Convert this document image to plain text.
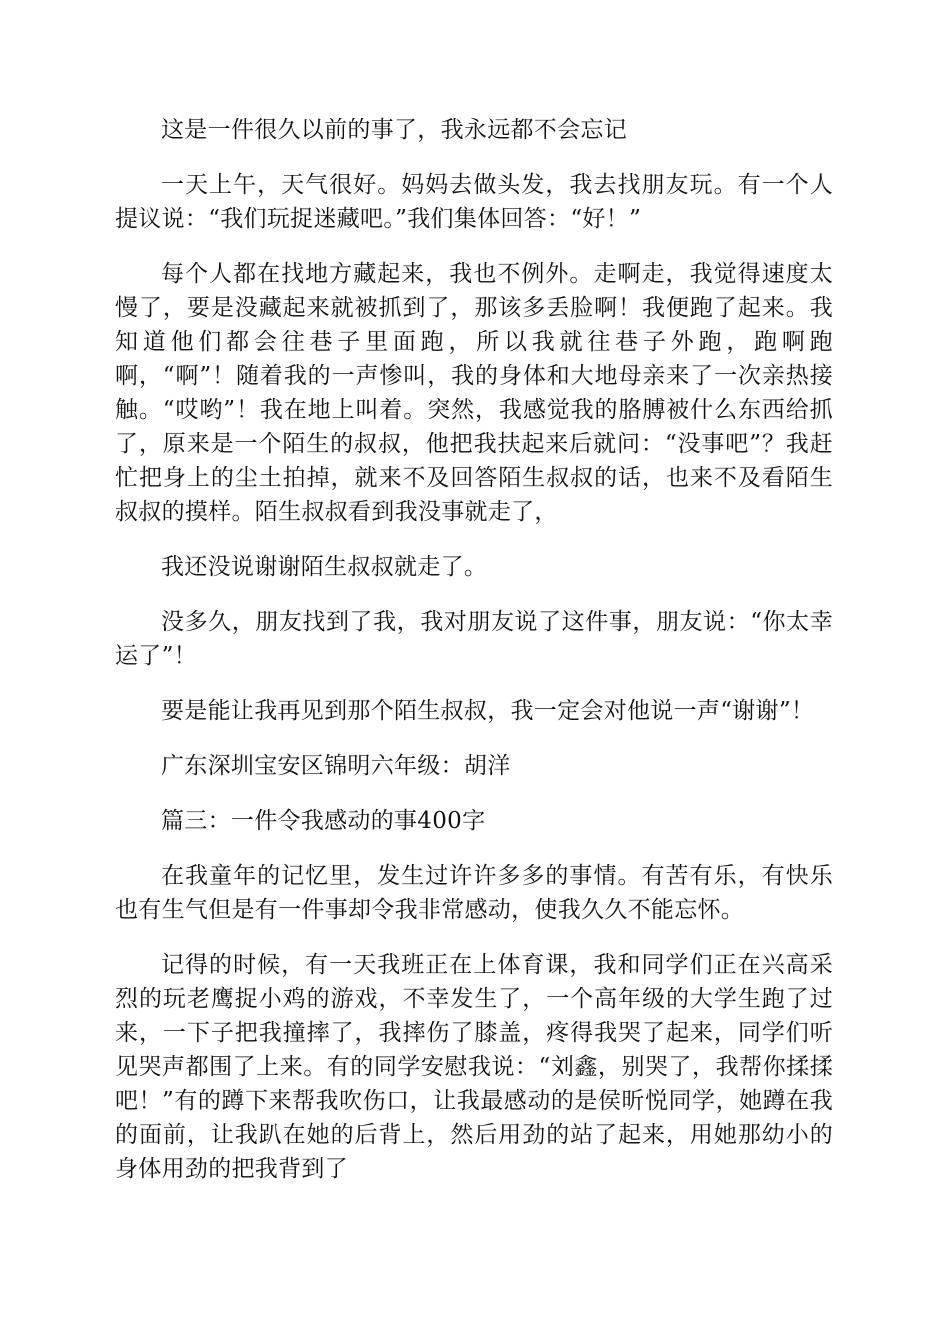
这是一件很久以前的事了，我永远都不会忘记

一天上午，天气很好。妈妈去做头发，我去找朋友玩。有一个人提议说：“我们玩捉迷藏吧。”我们集体回答：“好！”

每个人都在找地方藏起来，我也不例外。走啊走，我觉得速度太慢了，要是没藏起来就被抓到了，那该多丢脸啊！我便跑了起来。我知道他们都会往巷子里面跑，所以我就往巷子外跑，跑啊跑啊，“啊”！随着我的一声惨叫，我的身体和大地母亲来了一次亲热接触。“哎哟”！我在地上叫着。突然，我感觉我的胳膊被什么东西给抓了，原来是一个陌生的叔叔，他把我扶起来后就问：“没事吧”？我赶忙把身上的尘土拍掉，就来不及回答陌生叔叔的话，也来不及看陌生叔叔的摸样。陌生叔叔看到我没事就走了，

我还没说谢谢陌生叔叔就走了。

没多久，朋友找到了我，我对朋友说了这件事，朋友说：“你太幸运了”！

要是能让我再见到那个陌生叔叔，我一定会对他说一声“谢谢”！

广东深圳宝安区锦明六年级：胡洋

篇三：一件令我感动的事400字

在我童年的记忆里，发生过许许多多的事情。有苦有乐，有快乐也有生气但是有一件事却令我非常感动，使我久久不能忘怀。

记得的时候，有一天我班正在上体育课，我和同学们正在兴高采烈的玩老鹰捉小鸡的游戏，不幸发生了，一个高年级的大学生跑了过来，一下子把我撞摔了，我摔伤了膝盖，疼得我哭了起来，同学们听见哭声都围了上来。有的同学安慰我说：“刘鑫，别哭了，我帮你揉揉吧！”有的蹲下来帮我吹伤口，让我最感动的是侯昕悦同学，她蹲在我的面前，让我趴在她的后背上，然后用劲的站了起来，用她那幼小的身体用劲的把我背到了
